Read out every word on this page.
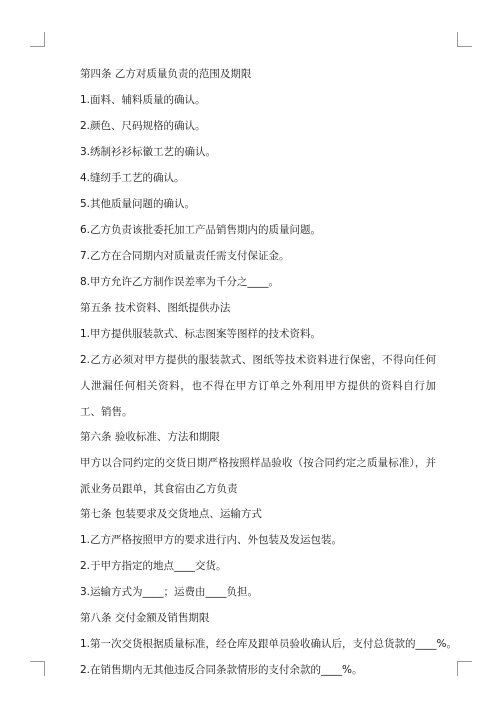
第四条 乙方对质量负责的范围及期限

1.面料、辅料质量的确认。

2.颜色、尺码规格的确认。

3.绣制衫衫标徽工艺的确认。

4.缝纫手工艺的确认。

5.其他质量问题的确认。

6.乙方负责该批委托加工产品销售期内的质量问题。

7.乙方在合同期内对质量责任需支付保证金。

8.甲方允许乙方制作误差率为千分之____。

第五条 技术资料、图纸提供办法

1.甲方提供服装款式、标志图案等图样的技术资料。

2.乙方必须对甲方提供的服装款式、图纸等技术资料进行保密，不得向任何人泄漏任何相关资料，也不得在甲方订单之外利用甲方提供的资料自行加工、销售。

第六条 验收标准、方法和期限

甲方以合同约定的交货日期严格按照样品验收（按合同约定之质量标准），并派业务员跟单，其食宿由乙方负责

第七条 包装要求及交货地点、运输方式

1.乙方严格按照甲方的要求进行内、外包装及发运包装。

2.于甲方指定的地点____交货。

3.运输方式为____；运费由____负担。

第八条 交付金额及销售期限

1.第一次交货根据质量标准，经仓库及跟单员验收确认后，支付总货款的____%。

2.在销售期内无其他违反合同条款情形的支付余款的____%。
